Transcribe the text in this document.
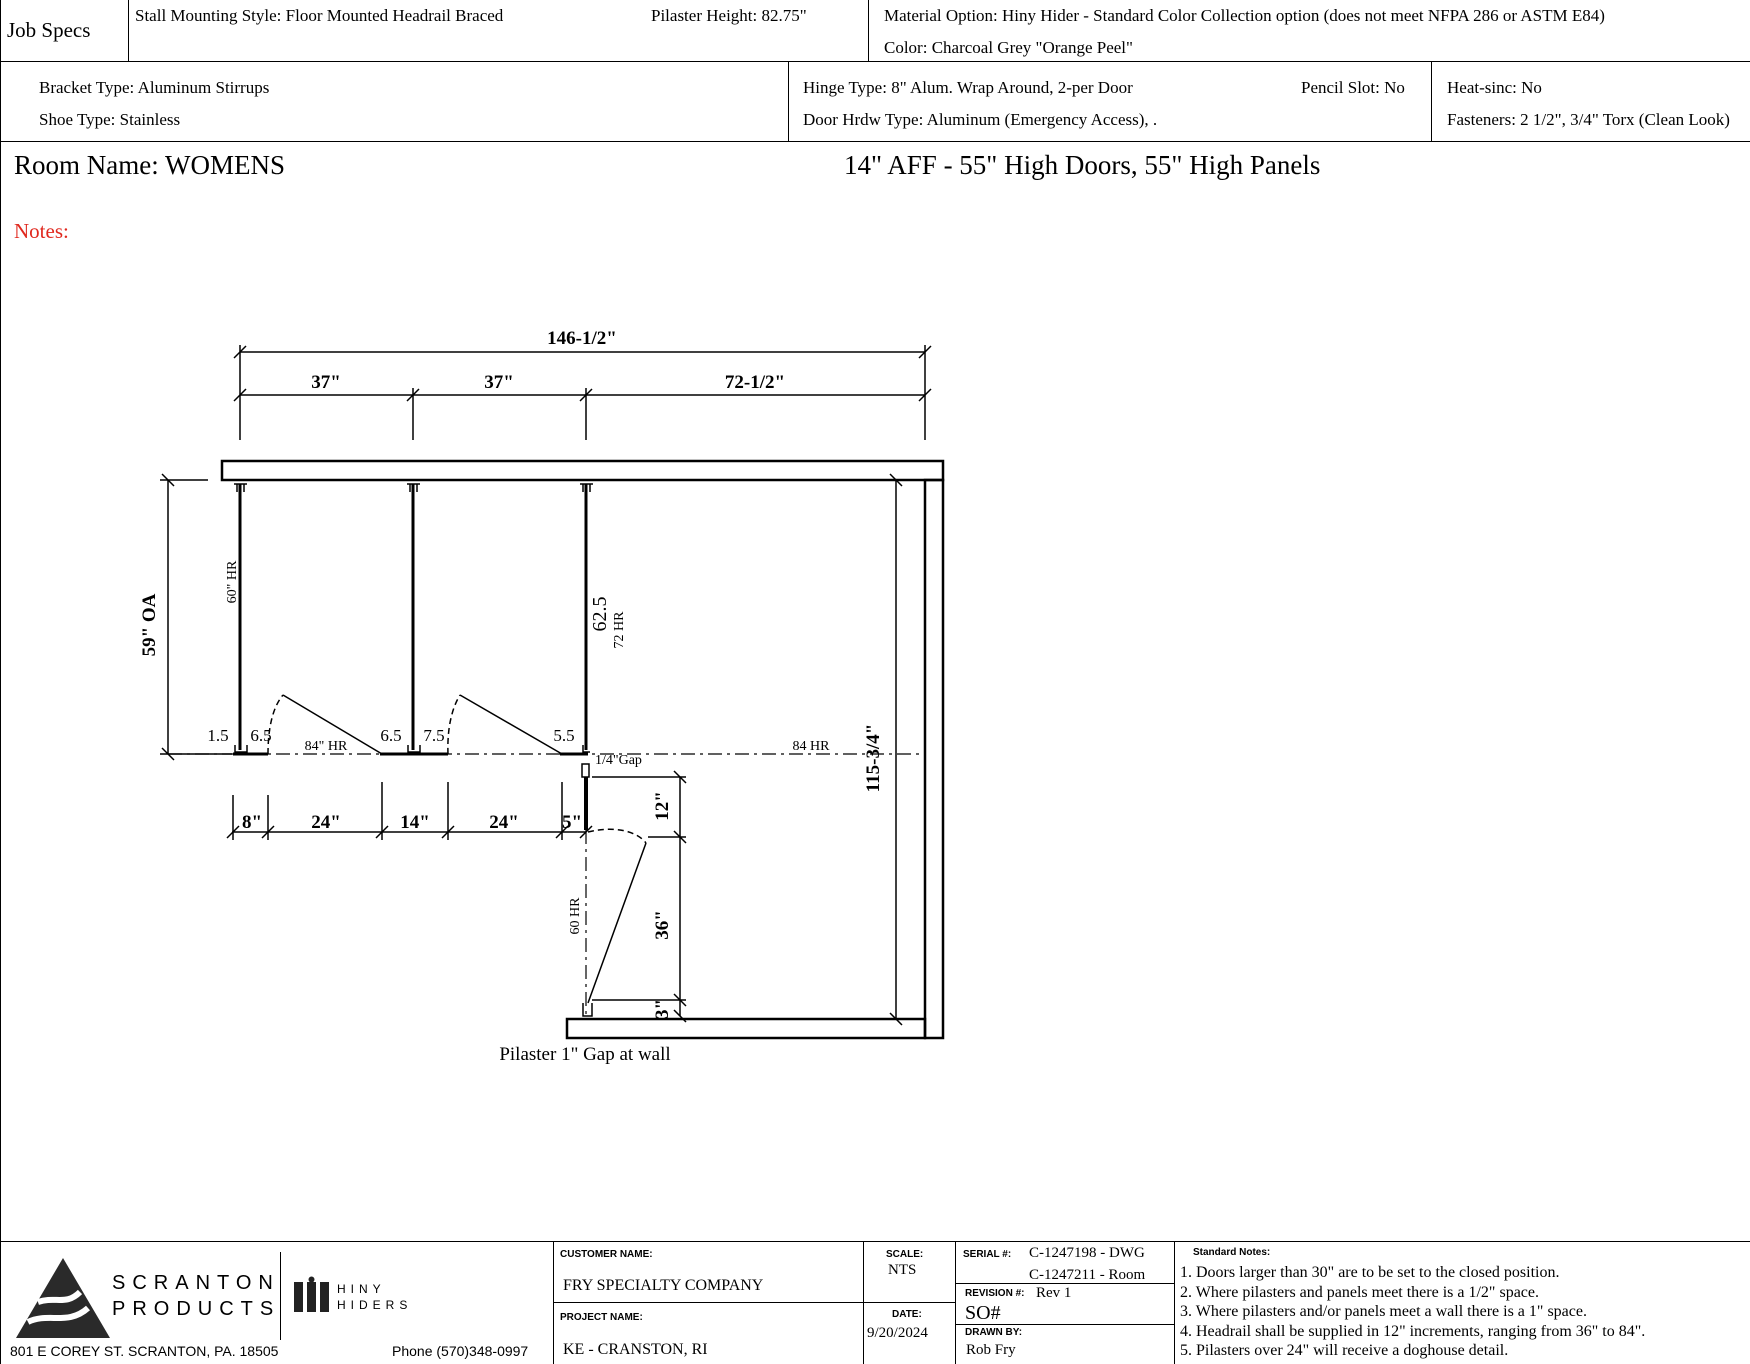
Job Specs
Stall Mounting Style: Floor Mounted Headrail Braced	Pilaster Height: 82.75"	Material Option: Hiny Hider - Standard Color Collection option (does not meet NFPA 286 or ASTM E84)
Color: Charcoal Grey "Orange Peel"
Bracket Type: Aluminum Stirrups
Shoe Type: Stainless
Hinge Type: 8" Alum. Wrap Around, 2-per Door	Pencil Slot: No
Door Hrdw Type: Aluminum (Emergency Access), .
Heat-sinc: No
Fasteners: 2 1/2", 3/4" Torx (Clean Look)
Room Name: WOMENS	14" AFF - 55" High Doors, 55" High Panels
Notes:
146-1/2"
37"	37"	72-1/2"
59" OA
115-3/4"
8"	24"	14"	24" 5"
12"
36"
3"
1.5 6.5	6.5 7.5	5.5
62.5
60" HR
72 HR
84" HR	84 HR
1/4"Gap
60 HR
Pilaster 1" Gap at wall
SCRANTON
PRODUCTS
HINY
HIDERS
801 E COREY ST. SCRANTON, PA. 18505	Phone (570)348-0997
CUSTOMER NAME:
FRY SPECIALTY COMPANY
PROJECT NAME:
KE - CRANSTON, RI
SCALE:
NTS
DATE:
9/20/2024
SERIAL #: C-1247198 - DWG
C-1247211 - Room
REVISION #: Rev 1
SO#
DRAWN BY:
Rob Fry
Standard Notes:
1. Doors larger than 30" are to be set to the closed position.
2. Where pilasters and panels meet there is a 1/2" space.
3. Where pilasters and/or panels meet a wall there is a 1" space.
4. Headrail shall be supplied in 12" increments, ranging from 36" to 84".
5. Pilasters over 24" will receive a doghouse detail.
